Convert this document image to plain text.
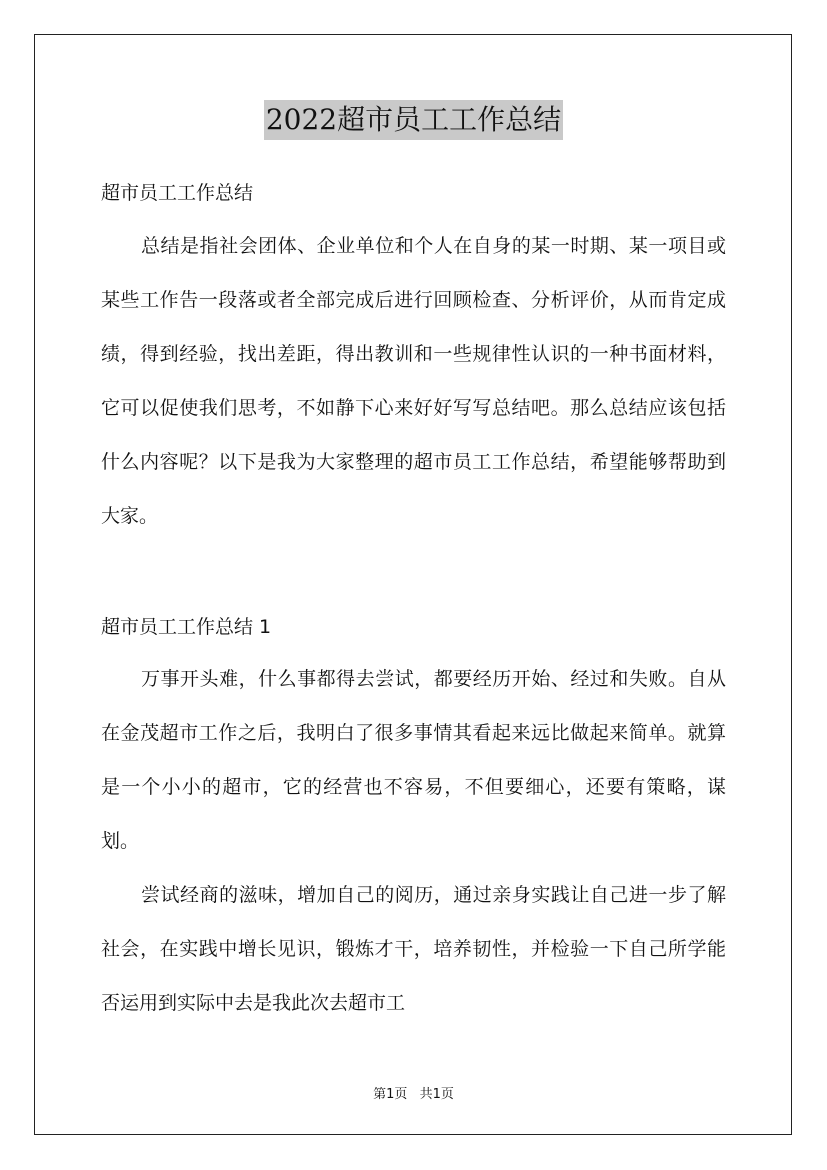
2022超市员工工作总结
超市员工工作总结

总结是指社会团体、企业单位和个人在自身的某一时期、某一项目或某些工作告一段落或者全部完成后进行回顾检查、分析评价，从而肯定成绩，得到经验，找出差距，得出教训和一些规律性认识的一种书面材料，它可以促使我们思考，不如静下心来好好写写总结吧。那么总结应该包括什么内容呢？以下是我为大家整理的超市员工工作总结，希望能够帮助到大家。

超市员工工作总结 1

万事开头难，什么事都得去尝试，都要经历开始、经过和失败。自从在金茂超市工作之后，我明白了很多事情其看起来远比做起来简单。就算是一个小小的超市，它的经营也不容易，不但要细心，还要有策略，谋划。

尝试经商的滋味，增加自己的阅历，通过亲身实践让自己进一步了解社会，在实践中增长见识，锻炼才干，培养韧性，并检验一下自己所学能否运用到实际中去是我此次去超市工

第1页 共1页
